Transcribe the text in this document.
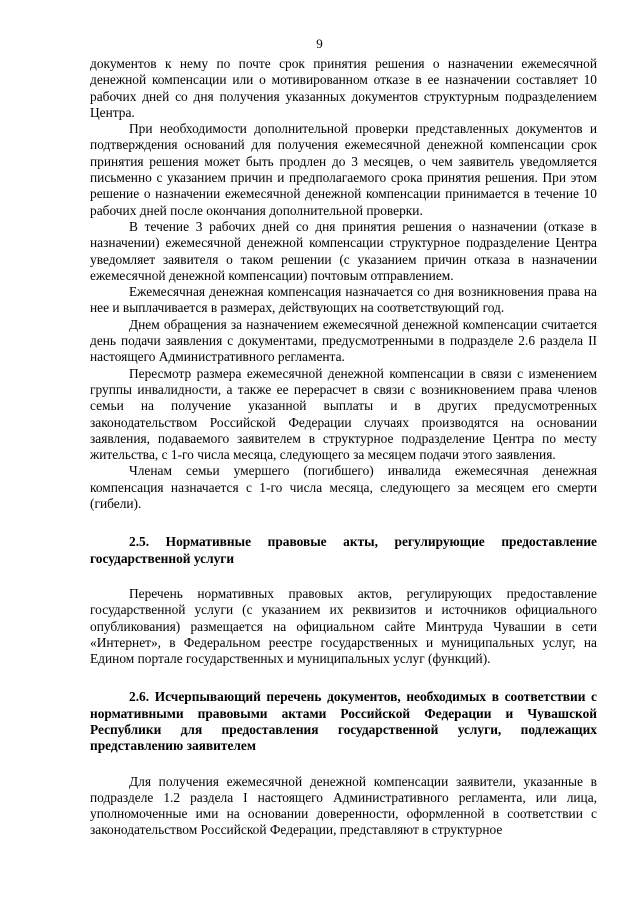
9

документов к нему по почте срок принятия решения о назначении ежемесячной денежной компенсации или о мотивированном отказе в ее назначении составляет 10 рабочих дней со дня получения указанных документов структурным подразделением Центра.

При необходимости дополнительной проверки представленных документов и подтверждения оснований для получения ежемесячной денежной компенсации срок принятия решения может быть продлен до 3 месяцев, о чем заявитель уведомляется письменно с указанием причин и предполагаемого срока принятия решения. При этом решение о назначении ежемесячной денежной компенсации принимается в течение 10 рабочих дней после окончания дополнительной проверки.

В течение 3 рабочих дней со дня принятия решения о назначении (отказе в назначении) ежемесячной денежной компенсации структурное подразделение Центра уведомляет заявителя о таком решении (с указанием причин отказа в назначении ежемесячной денежной компенсации) почтовым отправлением.

Ежемесячная денежная компенсация назначается со дня возникновения права на нее и выплачивается в размерах, действующих на соответствующий год.

Днем обращения за назначением ежемесячной денежной компенсации считается день подачи заявления с документами, предусмотренными в подразделе 2.6 раздела II настоящего Административного регламента.

Пересмотр размера ежемесячной денежной компенсации в связи с изменением группы инвалидности, а также ее перерасчет в связи с возникновением права членов семьи на получение указанной выплаты и в других предусмотренных законодательством Российской Федерации случаях производятся на основании заявления, подаваемого заявителем в структурное подразделение Центра по месту жительства, с 1-го числа месяца, следующего за месяцем подачи этого заявления.

Членам семьи умершего (погибшего) инвалида ежемесячная денежная компенсация назначается с 1-го числа месяца, следующего за месяцем его смерти (гибели).

2.5. Нормативные правовые акты, регулирующие предоставление государственной услуги

Перечень нормативных правовых актов, регулирующих предоставление государственной услуги (с указанием их реквизитов и источников официального опубликования) размещается на официальном сайте Минтруда Чувашии в сети «Интернет», в Федеральном реестре государственных и муниципальных услуг, на Едином портале государственных и муниципальных услуг (функций).

2.6. Исчерпывающий перечень документов, необходимых в соответствии с нормативными правовыми актами Российской Федерации и Чувашской Республики для предоставления государственной услуги, подлежащих представлению заявителем

Для получения ежемесячной денежной компенсации заявители, указанные в подразделе 1.2 раздела I настоящего Административного регламента, или лица, уполномоченные ими на основании доверенности, оформленной в соответствии с законодательством Российской Федерации, представляют в структурное
